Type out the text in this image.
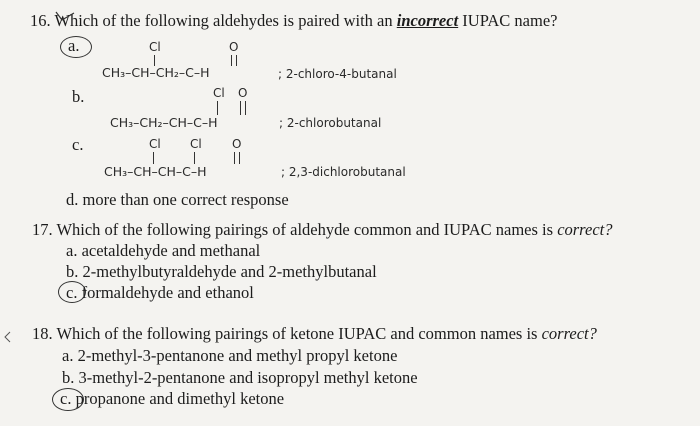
16. Which of the following aldehydes is paired with an incorrect IUPAC name?
a.	Cl	O
CH₃–CH–CH₂–C–H	; 2-chloro-4-butanal
b.	Cl O
CH₃–CH₂–CH–C–H	; 2-chlorobutanal
c.	Cl Cl	O
CH₃–CH–CH–C–H	; 2,3-dichlorobutanal
d. more than one correct response
17. Which of the following pairings of aldehyde common and IUPAC names is correct?
a. acetaldehyde and methanal
b. 2-methylbutyraldehyde and 2-methylbutanal
c. formaldehyde and ethanol
18. Which of the following pairings of ketone IUPAC and common names is correct?
a. 2-methyl-3-pentanone and methyl propyl ketone
b. 3-methyl-2-pentanone and isopropyl methyl ketone
c. propanone and dimethyl ketone
